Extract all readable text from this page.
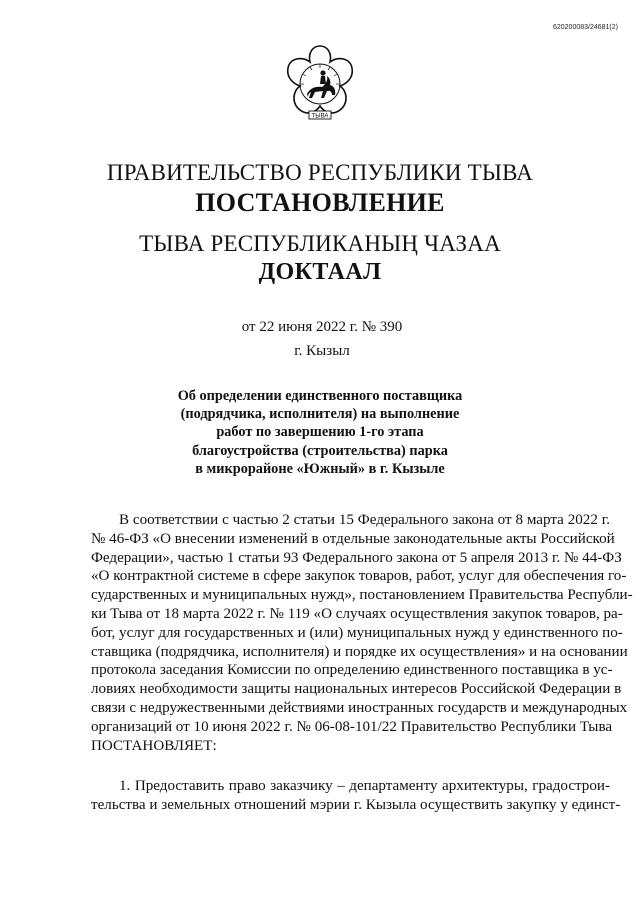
620200083/24681(2)
ТЫВА
ПРАВИТЕЛЬСТВО РЕСПУБЛИКИ ТЫВА
ПОСТАНОВЛЕНИЕ
ТЫВА РЕСПУБЛИКАНЫҢ ЧАЗАА
ДОКТААЛ
от 22 июня 2022 г. № 390
г. Кызыл
Об определении единственного поставщика
(подрядчика, исполнителя) на выполнение
работ по завершению 1-го этапа
благоустройства (строительства) парка
в микрорайоне «Южный» в г. Кызыле
В соответствии с частью 2 статьи 15 Федерального закона от 8 марта 2022 г.
№ 46-ФЗ «О внесении изменений в отдельные законодательные акты Российской
Федерации», частью 1 статьи 93 Федерального закона от 5 апреля 2013 г. № 44-ФЗ
«О контрактной системе в сфере закупок товаров, работ, услуг для обеспечения го-
сударственных и муниципальных нужд», постановлением Правительства Республи-
ки Тыва от 18 марта 2022 г. № 119 «О случаях осуществления закупок товаров, ра-
бот, услуг для государственных и (или) муниципальных нужд у единственного по-
ставщика (подрядчика, исполнителя) и порядке их осуществления» и на основании
протокола заседания Комиссии по определению единственного поставщика в ус-
ловиях необходимости защиты национальных интересов Российской Федерации в
связи с недружественными действиями иностранных государств и международных
организаций от 10 июня 2022 г. № 06-08-101/22 Правительство Республики Тыва
ПОСТАНОВЛЯЕТ:
1. Предоставить право заказчику – департаменту архитектуры, градострои-
тельства и земельных отношений мэрии г. Кызыла осуществить закупку у единст-
